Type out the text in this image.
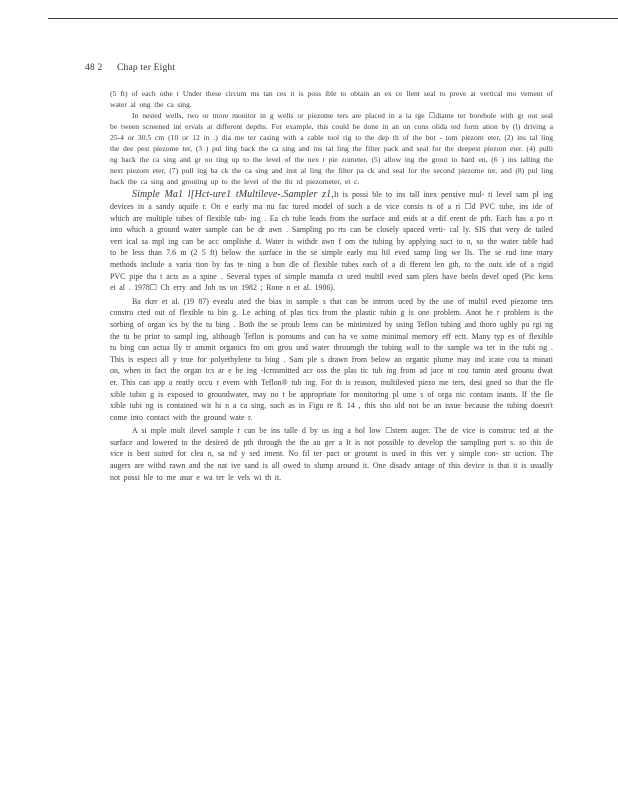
48 2 Chap ter Eight

(5 ft) of each othe t Under these circum ms tan ces it is poss ible to obtain an ex ce llent seal to preve at vertical mo vement of water al ong the ca sing.

In nested wells, two or more monitor in g wells or piezome ters are placed in a la rge ☐diame ter borehole with gr out seal be tween screened int ervals at different depths. For example, this could be done in an un cons olida ted form ation by (l) driving a 25-4 or 30.5 cm (10 or 12 in .) dia me ter casing with a cable tool rig to the dep th of the bot - tom piezom eter, (2) ins tal ling the dee pest piezome ter, (3 ) pul ling back the ca sing and ins tal ling the filter pack and seal for the deepest piezom eter. (4) pulli ng back the ca sing and gr ou ting up to the level of the nex t pie zometer, (5) allow ing the grout to hard en, (6 ) ins talling the next piezom eter, (7) pull ing ba ck the ca sing and inst al ling the filter pa ck and seal for the second piezome ter, and (8) pul ling back the ca sing and grouting up to the level of the thi rd piezometer, et c.

Simple Ma1 l[Hct-ure1 tMultileve-.Sampler z1,It is possi ble to ins tall inex pensive mul- ti level sam pl ing devices in a sandy aquife r. On e early ma nu fac tured model of such a de vice consis ts of a ri ☐d PVC tube, ins ide of which are multiple tubes of flexible tub- ing . Ea ch tube leads from the surface and ends at a dif erent de pth. Each has a po rt into which a ground water sample can be dr awn . Sampling po rts can be closely spaced verti- cal ly. SIS that very de tailed vert ical sa mpl ing can be acc omplishe d. Water is withdr awn f om the tubing by applying suct io n, so the water table had to be less than 7.6 m (2 5 ft) below the surface in the se simple early mu ltil eved samp ling we lls. The se rud ime ntary methods include a varia tion by fas te ning a bun dle of flexible tubes each of a di fferent len gth, to the outs ide of a rigid PVC pipe tha t acts as a spine . Several types of simple manufa ct ured multil eved sam plers have beeln devel oped (Pic kens et al . 1978☐ Ch erry and Joh ns on 1982 ; Rone n et al. 1986).

Ba rker et al. (19 87) evealu ated the bias in sample s that can be introm uced by the use of multil eved piezome ters constru cted out of flexible tu bin g. Le aching of plas tics from the plastic tubin g is one problem. Anot he r problem is the sorbing of organ ics by the tu bing . Both the se proub lems can be minimized by using Teflon tubing and thoro ughly pu rgi ng the tu be prior to sampl ing, although Teflon is poroums and can ha ve some minimal memory eff ectt. Many typ es of flexible tu bing can actua lly tr ansmit organics fro om grou und water throumgh the tubing wall to the sample wa ter in the tubi ng . This is especi all y true for polyethylene tu bing . Sam ple s drawn from below an organic plume may ind icate cou ta minati on, when in fact the organ ics ar e be ing -Icrnsmitted acr oss the plas tic tub ing from ad jace nt cou tamin ated grounu dwat er. This can app a reatly occu r evem with Teflon® tub ing. For th is reason, multileved piezo me ters, desi gned so that the fle xible tubin g is exposed to groundwater, may no t be appropriate for monitoring pl ume s of orga nic contam inants. If the fle xible tubi ng is contained wit hi n a ca sing, such as in Figu re 8. 14 , this sho uld not be an issue because the tubing doesn't come into contact with the ground wate r.

A si mple mult ilevel sample r can be ins talle d by us ing a hol low ☐stem auger. The de vice is construc ted at the surface and lowered to the desired de pth through the the au ger a It is not possible to develop the sampling port s. so this de vice is best suited for clea n, sa nd y sed iment. No fil ter pact or groumt is used in this ver y simple con- str uction. The augers are withd rawn and the nat ive sand is all owed to slump around it. One disadv antage of this device is that it is usually not possi ble to me asur e wa ter le vels wi th it.
